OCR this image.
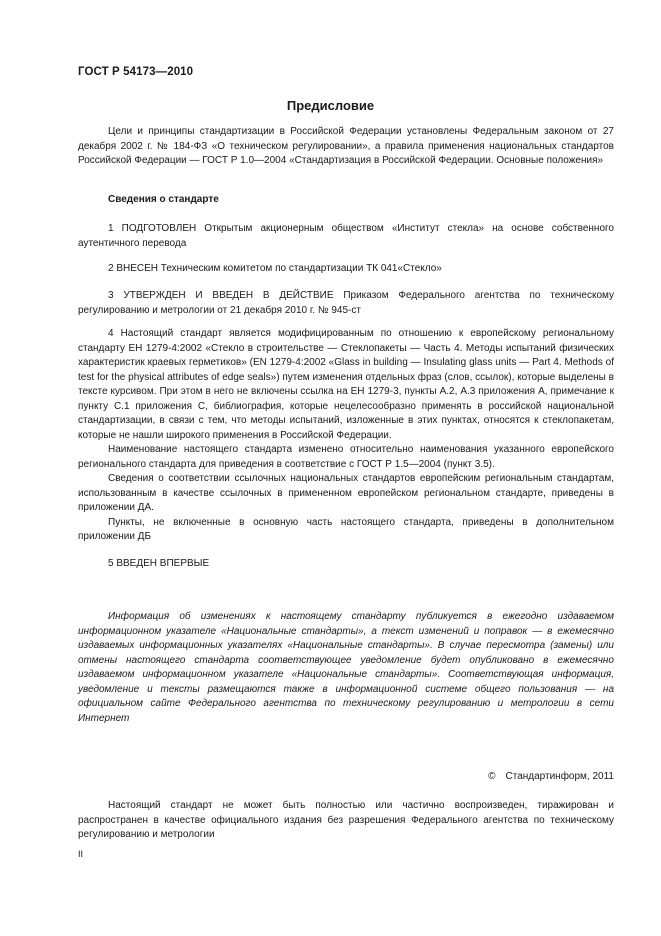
ГОСТ Р 54173—2010
Предисловие

Цели и принципы стандартизации в Российской Федерации установлены Федеральным законом от 27 декабря 2002 г. № 184-ФЗ «О техническом регулировании», а правила применения национальных стандартов Российской Федерации — ГОСТ Р 1.0—2004 «Стандартизация в Российской Федерации. Основные положения»

Сведения о стандарте

1 ПОДГОТОВЛЕН Открытым акционерным обществом «Институт стекла» на основе собственного аутентичного перевода

2 ВНЕСЕН Техническим комитетом по стандартизации ТК 041«Стекло»

3 УТВЕРЖДЕН И ВВЕДЕН В ДЕЙСТВИЕ Приказом Федерального агентства по техническому регулированию и метрологии от 21 декабря 2010 г. № 945-ст

4 Настоящий стандарт является модифицированным по отношению к европейскому региональному стандарту ЕН 1279-4:2002 «Стекло в строительстве — Стеклопакеты — Часть 4. Методы испытаний физических характеристик краевых герметиков» (EN 1279-4:2002 «Glass in building — Insulating glass units — Part 4. Methods of test for the physical attributes of edge seals») путем изменения отдельных фраз (слов, ссылок), которые выделены в тексте курсивом. При этом в него не включены ссылка на ЕН 1279-3, пункты А.2, А.3 приложения А, примечание к пункту С.1 приложения С, библиография, которые нецелесообразно применять в российской национальной стандартизации, в связи с тем, что методы испытаний, изложенные в этих пунктах, относятся к стеклопакетам, которые не нашли широкого применения в Российской Федерации.

Наименование настоящего стандарта изменено относительно наименования указанного европейского регионального стандарта для приведения в соответствие с ГОСТ Р 1.5—2004 (пункт 3.5).

Сведения о соответствии ссылочных национальных стандартов европейским региональным стандартам, использованным в качестве ссылочных в примененном европейском региональном стандарте, приведены в приложении ДА.

Пункты, не включенные в основную часть настоящего стандарта, приведены в дополнительном приложении ДБ

5 ВВЕДЕН ВПЕРВЫЕ

Информация об изменениях к настоящему стандарту публикуется в ежегодно издаваемом информационном указателе «Национальные стандарты», а текст изменений и поправок — в ежемесячно издаваемых информационных указателях «Национальные стандарты». В случае пересмотра (замены) или отмены настоящего стандарта соответствующее уведомление будет опубликовано в ежемесячно издаваемом информационном указателе «Национальные стандарты». Соответствующая информация, уведомление и тексты размещаются также в информационной системе общего пользования — на официальном сайте Федерального агентства по техническому регулированию и метрологии в сети Интернет

© Стандартинформ, 2011

Настоящий стандарт не может быть полностью или частично воспроизведен, тиражирован и распространен в качестве официального издания без разрешения Федерального агентства по техническому регулированию и метрологии

II
